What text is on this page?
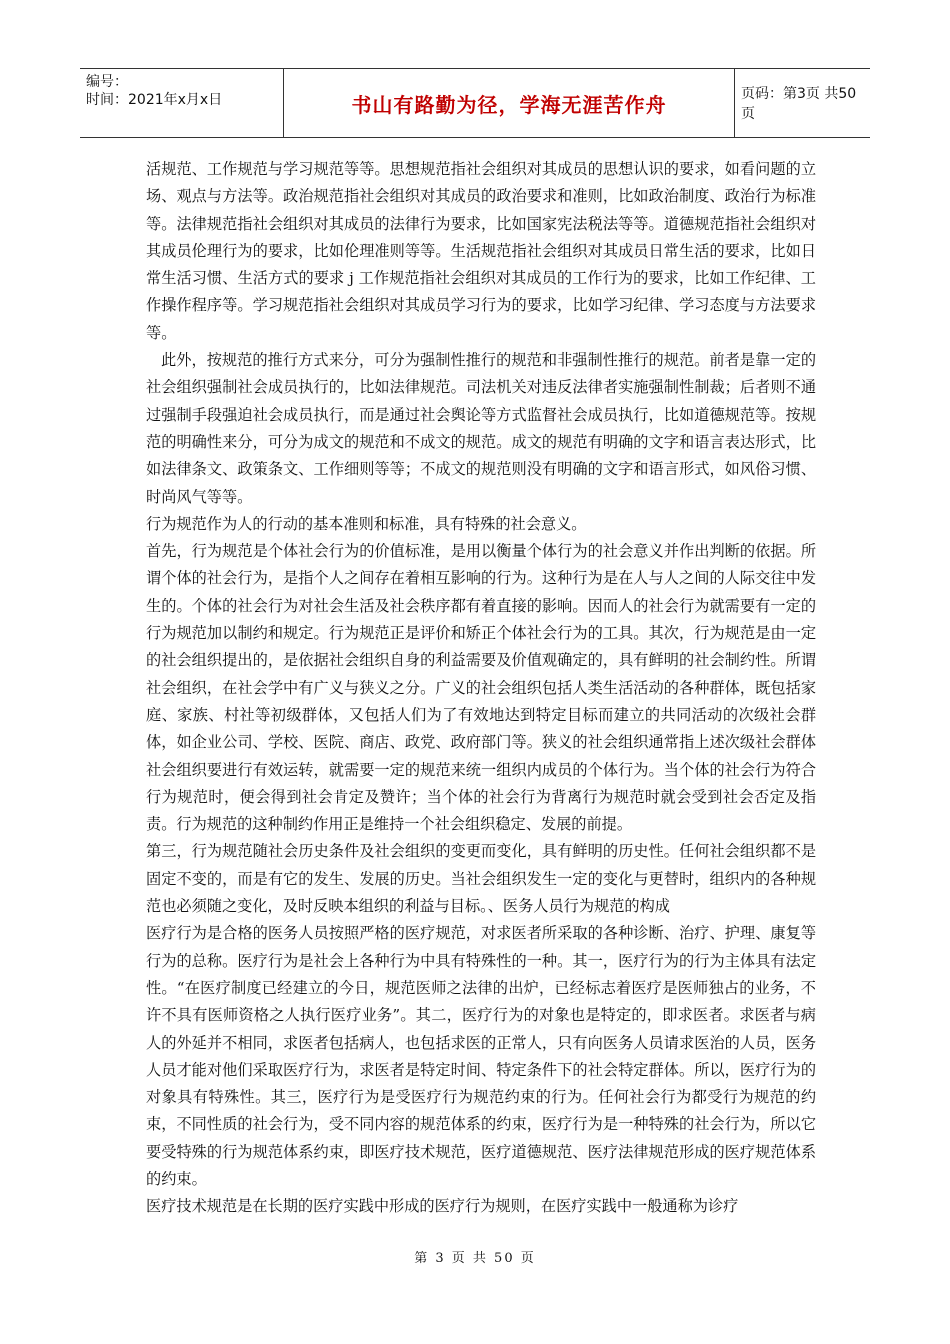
编号：
时间：2021年x月x日	书山有路勤为径，学海无涯苦作舟	页码：第3页 共50页

活规范、工作规范与学习规范等等。思想规范指社会组织对其成员的思想认识的要求，如看问题的立场、观点与方法等。政治规范指社会组织对其成员的政治要求和准则，比如政治制度、政治行为标准等。法律规范指社会组织对其成员的法律行为要求，比如国家宪法税法等等。道德规范指社会组织对其成员伦理行为的要求，比如伦理准则等等。生活规范指社会组织对其成员日常生活的要求，比如日常生活习惯、生活方式的要求 j 工作规范指社会组织对其成员的工作行为的要求，比如工作纪律、工作操作程序等。学习规范指社会组织对其成员学习行为的要求，比如学习纪律、学习态度与方法要求等。

此外，按规范的推行方式来分，可分为强制性推行的规范和非强制性推行的规范。前者是靠一定的社会组织强制社会成员执行的，比如法律规范。司法机关对违反法律者实施强制性制裁；后者则不通过强制手段强迫社会成员执行，而是通过社会舆论等方式监督社会成员执行，比如道德规范等。按规范的明确性来分，可分为成文的规范和不成文的规范。成文的规范有明确的文字和语言表达形式，比如法律条文、政策条文、工作细则等等；不成文的规范则没有明确的文字和语言形式，如风俗习惯、时尚风气等等。

行为规范作为人的行动的基本准则和标准，具有特殊的社会意义。

首先，行为规范是个体社会行为的价值标准，是用以衡量个体行为的社会意义并作出判断的依据。所谓个体的社会行为，是指个人之间存在着相互影响的行为。这种行为是在人与人之间的人际交往中发生的。个体的社会行为对社会生活及社会秩序都有着直接的影响。因而人的社会行为就需要有一定的行为规范加以制约和规定。行为规范正是评价和矫正个体社会行为的工具。其次，行为规范是由一定的社会组织提出的，是依据社会组织自身的利益需要及价值观确定的，具有鲜明的社会制约性。所谓社会组织，在社会学中有广义与狭义之分。广义的社会组织包括人类生活活动的各种群体，既包括家庭、家族、村社等初级群体，又包括人们为了有效地达到特定目标而建立的共同活动的次级社会群体，如企业公司、学校、医院、商店、政党、政府部门等。狭义的社会组织通常指上述次级社会群体社会组织要进行有效运转，就需要一定的规范来统一组织内成员的个体行为。当个体的社会行为符合行为规范时，便会得到社会肯定及赞许；当个体的社会行为背离行为规范时就会受到社会否定及指责。行为规范的这种制约作用正是维持一个社会组织稳定、发展的前提。

第三，行为规范随社会历史条件及社会组织的变更而变化，具有鲜明的历史性。任何社会组织都不是固定不变的，而是有它的发生、发展的历史。当社会组织发生一定的变化与更替时，组织内的各种规范也必须随之变化，及时反映本组织的利益与目标。、医务人员行为规范的构成

医疗行为是合格的医务人员按照严格的医疗规范，对求医者所采取的各种诊断、治疗、护理、康复等行为的总称。医疗行为是社会上各种行为中具有特殊性的一种。其一，医疗行为的行为主体具有法定性。“在医疗制度已经建立的今日，规范医师之法律的出炉，已经标志着医疗是医师独占的业务，不许不具有医师资格之人执行医疗业务”。其二，医疗行为的对象也是特定的，即求医者。求医者与病人的外延并不相同，求医者包括病人，也包括求医的正常人，只有向医务人员请求医治的人员，医务人员才能对他们采取医疗行为，求医者是特定时间、特定条件下的社会特定群体。所以，医疗行为的对象具有特殊性。其三，医疗行为是受医疗行为规范约束的行为。任何社会行为都受行为规范的约束，不同性质的社会行为，受不同内容的规范体系的约束，医疗行为是一种特殊的社会行为，所以它要受特殊的行为规范体系约束，即医疗技术规范，医疗道德规范、医疗法律规范形成的医疗规范体系的约束。

医疗技术规范是在长期的医疗实践中形成的医疗行为规则，在医疗实践中一般通称为诊疗

第 3 页 共 50 页
